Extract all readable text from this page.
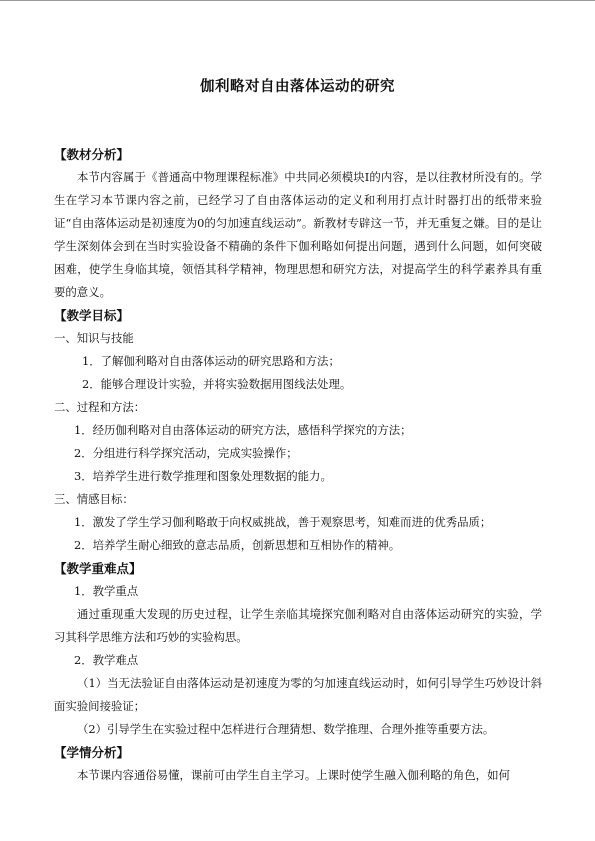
伽利略对自由落体运动的研究
【教材分析】

本节内容属于《普通高中物理课程标准》中共同必须模块Ⅰ的内容，是以往教材所没有的。学生在学习本节课内容之前，已经学习了自由落体运动的定义和利用打点计时器打出的纸带来验证“自由落体运动是初速度为0的匀加速直线运动”。新教材专辟这一节，并无重复之嫌。目的是让学生深刻体会到在当时实验设备不精确的条件下伽利略如何提出问题，遇到什么问题，如何突破困难，使学生身临其境，领悟其科学精神，物理思想和研究方法，对提高学生的科学素养具有重要的意义。

【教学目标】
一、知识与技能
1．了解伽利略对自由落体运动的研究思路和方法；
2．能够合理设计实验，并将实验数据用图线法处理。
二、过程和方法：
1．经历伽利略对自由落体运动的研究方法，感悟科学探究的方法；
2．分组进行科学探究活动，完成实验操作；
3．培养学生进行数学推理和图象处理数据的能力。
三、情感目标：
1．激发了学生学习伽利略敢于向权威挑战，善于观察思考，知难而进的优秀品质；
2．培养学生耐心细致的意志品质，创新思想和互相协作的精神。
【教学重难点】
1．教学重点

通过重现重大发现的历史过程，让学生亲临其境探究伽利略对自由落体运动研究的实验，学习其科学思维方法和巧妙的实验构思。

2．教学难点

（1）当无法验证自由落体运动是初速度为零的匀加速直线运动时，如何引导学生巧妙设计斜面实验间接验证；

（2）引导学生在实验过程中怎样进行合理猜想、数学推理、合理外推等重要方法。
【学情分析】

本节课内容通俗易懂，课前可由学生自主学习。上课时使学生融入伽利略的角色，如何
